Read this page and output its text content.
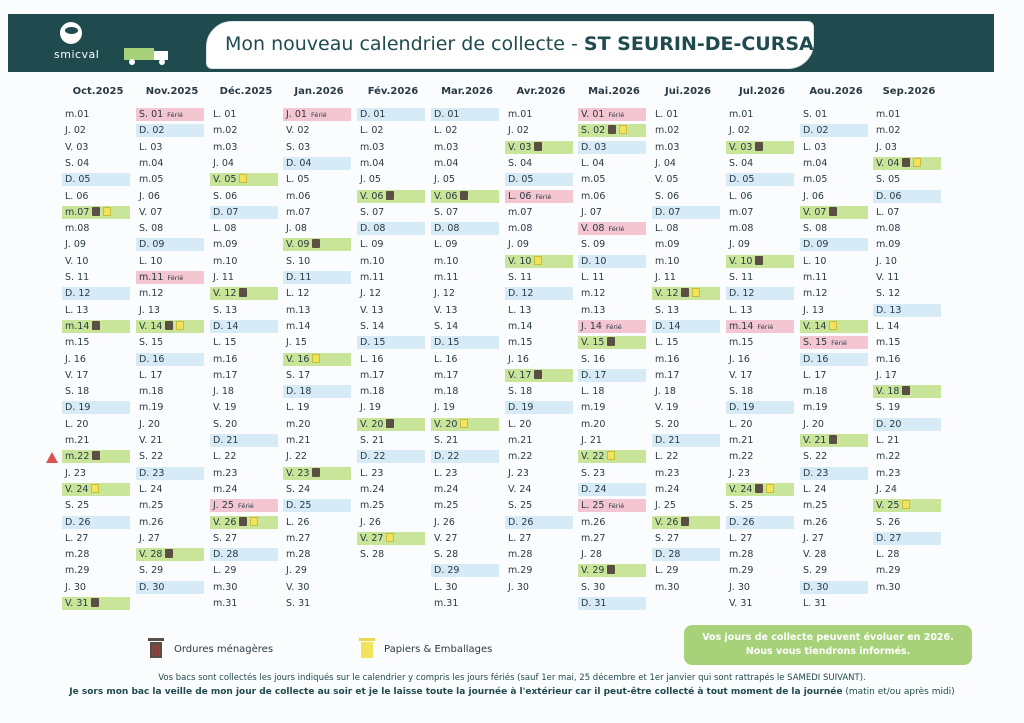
smicval	Mon nouveau calendrier de collecte - ST SEURIN-DE-CURSAC
Oct.2025
m.01
J. 02
V. 03
S. 04
D. 05
L. 06
m.07
m.08
J. 09
V. 10
S. 11
D. 12
L. 13
m.14
m.15
J. 16
V. 17
S. 18
D. 19
L. 20
m.21
m.22
J. 23
V. 24
S. 25
D. 26
L. 27
m.28
m.29
J. 30
V. 31
Nov.2025
S. 01 Férié
D. 02
L. 03
m.04
m.05
J. 06
V. 07
S. 08
D. 09
L. 10
m.11 Férié
m.12
J. 13
V. 14
S. 15
D. 16
L. 17
m.18
m.19
J. 20
V. 21
S. 22
D. 23
L. 24
m.25
m.26
J. 27
V. 28
S. 29
D. 30
Déc.2025
L. 01
m.02
m.03
J. 04
V. 05
S. 06
D. 07
L. 08
m.09
m.10
J. 11
V. 12
S. 13
D. 14
L. 15
m.16
m.17
J. 18
V. 19
S. 20
D. 21
L. 22
m.23
m.24
J. 25 Férié
V. 26
S. 27
D. 28
L. 29
m.30
m.31
Jan.2026
J. 01 Férié
V. 02
S. 03
D. 04
L. 05
m.06
m.07
J. 08
V. 09
S. 10
D. 11
L. 12
m.13
m.14
J. 15
V. 16
S. 17
D. 18
L. 19
m.20
m.21
J. 22
V. 23
S. 24
D. 25
L. 26
m.27
m.28
J. 29
V. 30
S. 31
Fév.2026
D. 01
L. 02
m.03
m.04
J. 05
V. 06
S. 07
D. 08
L. 09
m.10
m.11
J. 12
V. 13
S. 14
D. 15
L. 16
m.17
m.18
J. 19
V. 20
S. 21
D. 22
L. 23
m.24
m.25
J. 26
V. 27
S. 28
Mar.2026
D. 01
L. 02
m.03
m.04
J. 05
V. 06
S. 07
D. 08
L. 09
m.10
m.11
J. 12
V. 13
S. 14
D. 15
L. 16
m.17
m.18
J. 19
V. 20
S. 21
D. 22
L. 23
m.24
m.25
J. 26
V. 27
S. 28
D. 29
L. 30
m.31
Avr.2026
m.01
J. 02
V. 03
S. 04
D. 05
L. 06 Férié
m.07
m.08
J. 09
V. 10
S. 11
D. 12
L. 13
m.14
m.15
J. 16
V. 17
S. 18
D. 19
L. 20
m.21
m.22
J. 23
V. 24
S. 25
D. 26
L. 27
m.28
m.29
J. 30
Mai.2026
V. 01 Férié
S. 02
D. 03
L. 04
m.05
m.06
J. 07
V. 08 Férié
S. 09
D. 10
L. 11
m.12
m.13
J. 14 Férié
V. 15
S. 16
D. 17
L. 18
m.19
m.20
J. 21
V. 22
S. 23
D. 24
L. 25 Férié
m.26
m.27
J. 28
V. 29
S. 30
D. 31
Jui.2026
L. 01
m.02
m.03
J. 04
V. 05
S. 06
D. 07
L. 08
m.09
m.10
J. 11
V. 12
S. 13
D. 14
L. 15
m.16
m.17
J. 18
V. 19
S. 20
D. 21
L. 22
m.23
m.24
J. 25
V. 26
S. 27
D. 28
L. 29
m.30
Jul.2026
m.01
J. 02
V. 03
S. 04
D. 05
L. 06
m.07
m.08
J. 09
V. 10
S. 11
D. 12
L. 13
m.14 Férié
m.15
J. 16
V. 17
S. 18
D. 19
L. 20
m.21
m.22
J. 23
V. 24
S. 25
D. 26
L. 27
m.28
m.29
J. 30
V. 31
Aou.2026
S. 01
D. 02
L. 03
m.04
m.05
J. 06
V. 07
S. 08
D. 09
L. 10
m.11
m.12
J. 13
V. 14
S. 15 Férié
D. 16
L. 17
m.18
m.19
J. 20
V. 21
S. 22
D. 23
L. 24
m.25
m.26
J. 27
V. 28
S. 29
D. 30
L. 31
Sep.2026
m.01
m.02
J. 03
V. 04
S. 05
D. 06
L. 07
m.08
m.09
J. 10
V. 11
S. 12
D. 13
L. 14
m.15
m.16
J. 17
V. 18
S. 19
D. 20
L. 21
m.22
m.23
J. 24
V. 25
S. 26
D. 27
L. 28
m.29
m.30
Ordures ménagères	Papiers & Emballages
Vos jours de collecte peuvent évoluer en 2026.
Nous vous tiendrons informés.
Vos bacs sont collectés les jours indiqués sur le calendrier y compris les jours fériés (sauf 1er mai, 25 décembre et 1er janvier qui sont rattrapés le SAMEDI SUIVANT).
Je sors mon bac la veille de mon jour de collecte au soir et je le laisse toute la journée à l'extérieur car il peut-être collecté à tout moment de la journée (matin et/ou après midi)
